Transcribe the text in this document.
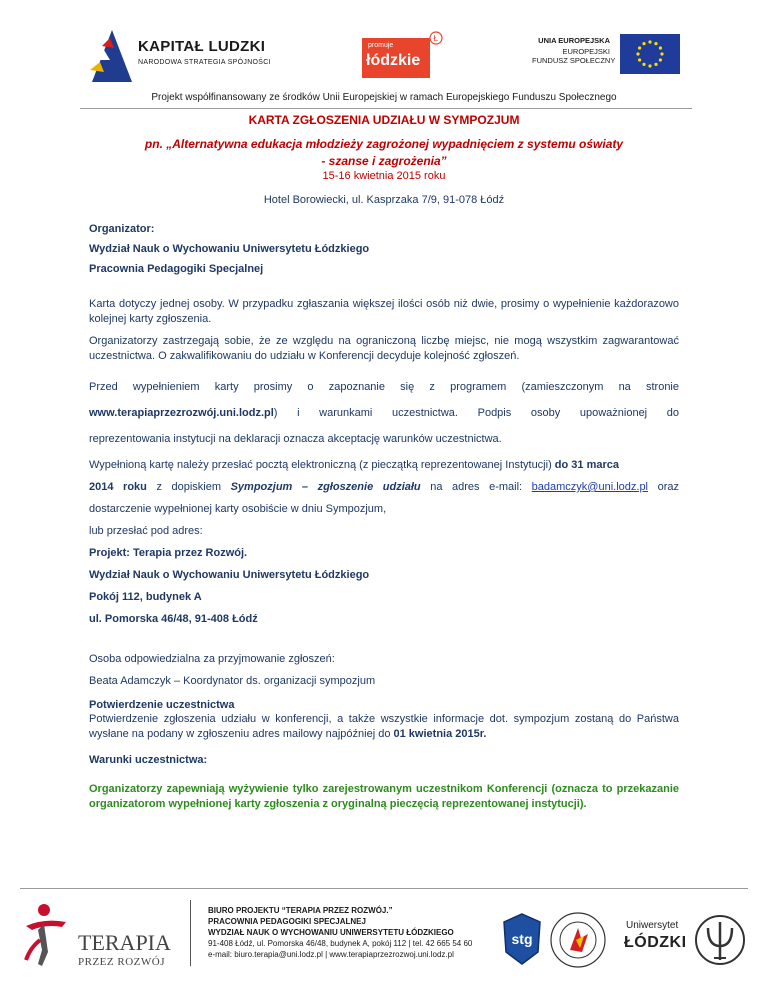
KAPITAŁ LUDZKI
NARODOWA STRATEGIA SPÓJNOŚCI
Ł
promuje
łódzkie
UNIA EUROPEJSKA
EUROPEJSKI
FUNDUSZ SPOŁECZNY
Projekt współfinansowany ze środków Unii Europejskiej w ramach Europejskiego Funduszu Społecznego
KARTA ZGŁOSZENIA UDZIAŁU W SYMPOZJUM
pn. „Alternatywna edukacja młodzieży zagrożonej wypadnięciem z systemu oświaty
- szanse i zagrożenia”
15-16 kwietnia 2015 roku
Hotel Borowiecki, ul. Kasprzaka 7/9, 91-078 Łódź
Organizator:
Wydział Nauk o Wychowaniu Uniwersytetu Łódzkiego
Pracownia Pedagogiki Specjalnej
Karta dotyczy jednej osoby. W przypadku zgłaszania większej ilości osób niż dwie, prosimy o wypełnienie każdorazowo kolejnej karty zgłoszenia.
Organizatorzy zastrzegają sobie, że ze względu na ograniczoną liczbę miejsc, nie mogą wszystkim zagwarantować uczestnictwa. O zakwalifikowaniu do udziału w Konferencji decyduje kolejność zgłoszeń.
Przed wypełnieniem karty prosimy o zapoznanie się z programem (zamieszczonym na stronie
www.terapiaprzezrozwój.uni.lodz.pl) i warunkami uczestnictwa. Podpis osoby upoważnionej do
reprezentowania instytucji na deklaracji oznacza akceptację warunków uczestnictwa.
Wypełnioną kartę należy przesłać pocztą elektroniczną (z pieczątką reprezentowanej Instytucji) do 31 marca
2014 roku z dopiskiem Sympozjum – zgłoszenie udziału na adres e-mail: badamczyk@uni.lodz.pl oraz
dostarczenie wypełnionej karty osobiście w dniu Sympozjum,
lub przesłać pod adres:
Projekt: Terapia przez Rozwój.
Wydział Nauk o Wychowaniu Uniwersytetu Łódzkiego
Pokój 112, budynek A
ul. Pomorska 46/48, 91-408 Łódź
Osoba odpowiedzialna za przyjmowanie zgłoszeń:
Beata Adamczyk – Koordynator ds. organizacji sympozjum
Potwierdzenie uczestnictwa
Potwierdzenie zgłoszenia udziału w konferencji, a także wszystkie informacje dot. sympozjum zostaną do Państwa wysłane na podany w zgłoszeniu adres mailowy najpóźniej do 01 kwietnia 2015r.
Warunki uczestnictwa:
Organizatorzy zapewniają wyżywienie tylko zarejestrowanym uczestnikom Konferencji (oznacza to przekazanie organizatorom wypełnionej karty zgłoszenia z oryginalną pieczęcią reprezentowanej instytucji).
TERAPIA
PRZEZ ROZWÓJ
BIURO PROJEKTU “TERAPIA PRZEZ ROZWÓJ.”
PRACOWNIA PEDAGOGIKI SPECJALNEJ
WYDZIAŁ NAUK O WYCHOWANIU UNIWERSYTETU ŁÓDZKIEGO
91-408 Łódź, ul. Pomorska 46/48, budynek A, pokój 112 | tel. 42 665 54 60
e-mail: biuro.terapia@uni.lodz.pl | www.terapiaprzezrozwoj.uni.lodz.pl
stg
Uniwersytet
ŁÓDZKI
